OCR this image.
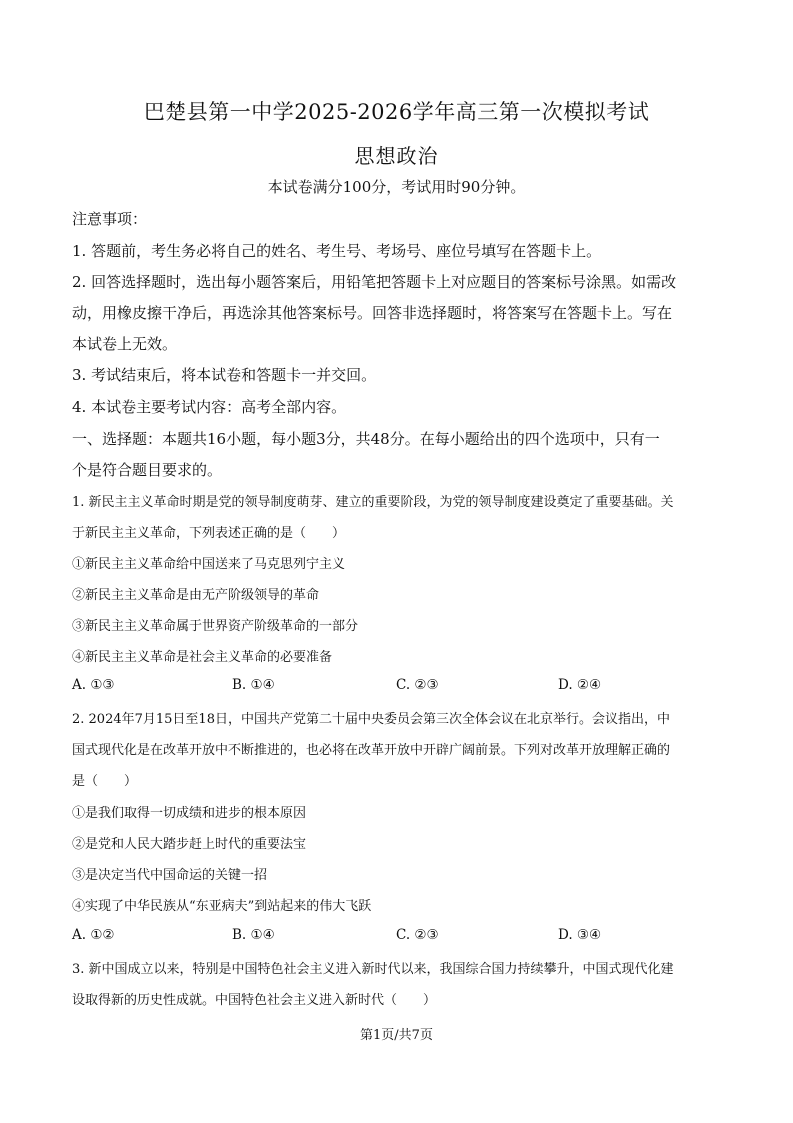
巴楚县第一中学2025-2026学年高三第一次模拟考试
思想政治
本试卷满分100分，考试用时90分钟。
注意事项：
1. 答题前，考生务必将自己的姓名、考生号、考场号、座位号填写在答题卡上。
2. 回答选择题时，选出每小题答案后，用铅笔把答题卡上对应题目的答案标号涂黑。如需改
动，用橡皮擦干净后，再选涂其他答案标号。回答非选择题时，将答案写在答题卡上。写在
本试卷上无效。
3. 考试结束后，将本试卷和答题卡一并交回。
4. 本试卷主要考试内容：高考全部内容。
一、选择题：本题共16小题，每小题3分，共48分。在每小题给出的四个选项中，只有一
个是符合题目要求的。
1. 新民主主义革命时期是党的领导制度萌芽、建立的重要阶段，为党的领导制度建设奠定了重要基础。关
于新民主主义革命，下列表述正确的是（　　）
①新民主主义革命给中国送来了马克思列宁主义
②新民主主义革命是由无产阶级领导的革命
③新民主主义革命属于世界资产阶级革命的一部分
④新民主主义革命是社会主义革命的必要准备
A. ①③	B. ①④	C. ②③	D. ②④
2. 2024年7月15日至18日，中国共产党第二十届中央委员会第三次全体会议在北京举行。会议指出，中
国式现代化是在改革开放中不断推进的，也必将在改革开放中开辟广阔前景。下列对改革开放理解正确的
是（　　）
①是我们取得一切成绩和进步的根本原因
②是党和人民大踏步赶上时代的重要法宝
③是决定当代中国命运的关键一招
④实现了中华民族从“东亚病夫”到站起来的伟大飞跃
A. ①②	B. ①④	C. ②③	D. ③④
3. 新中国成立以来，特别是中国特色社会主义进入新时代以来，我国综合国力持续攀升，中国式现代化建
设取得新的历史性成就。中国特色社会主义进入新时代（　　）
第1页/共7页
